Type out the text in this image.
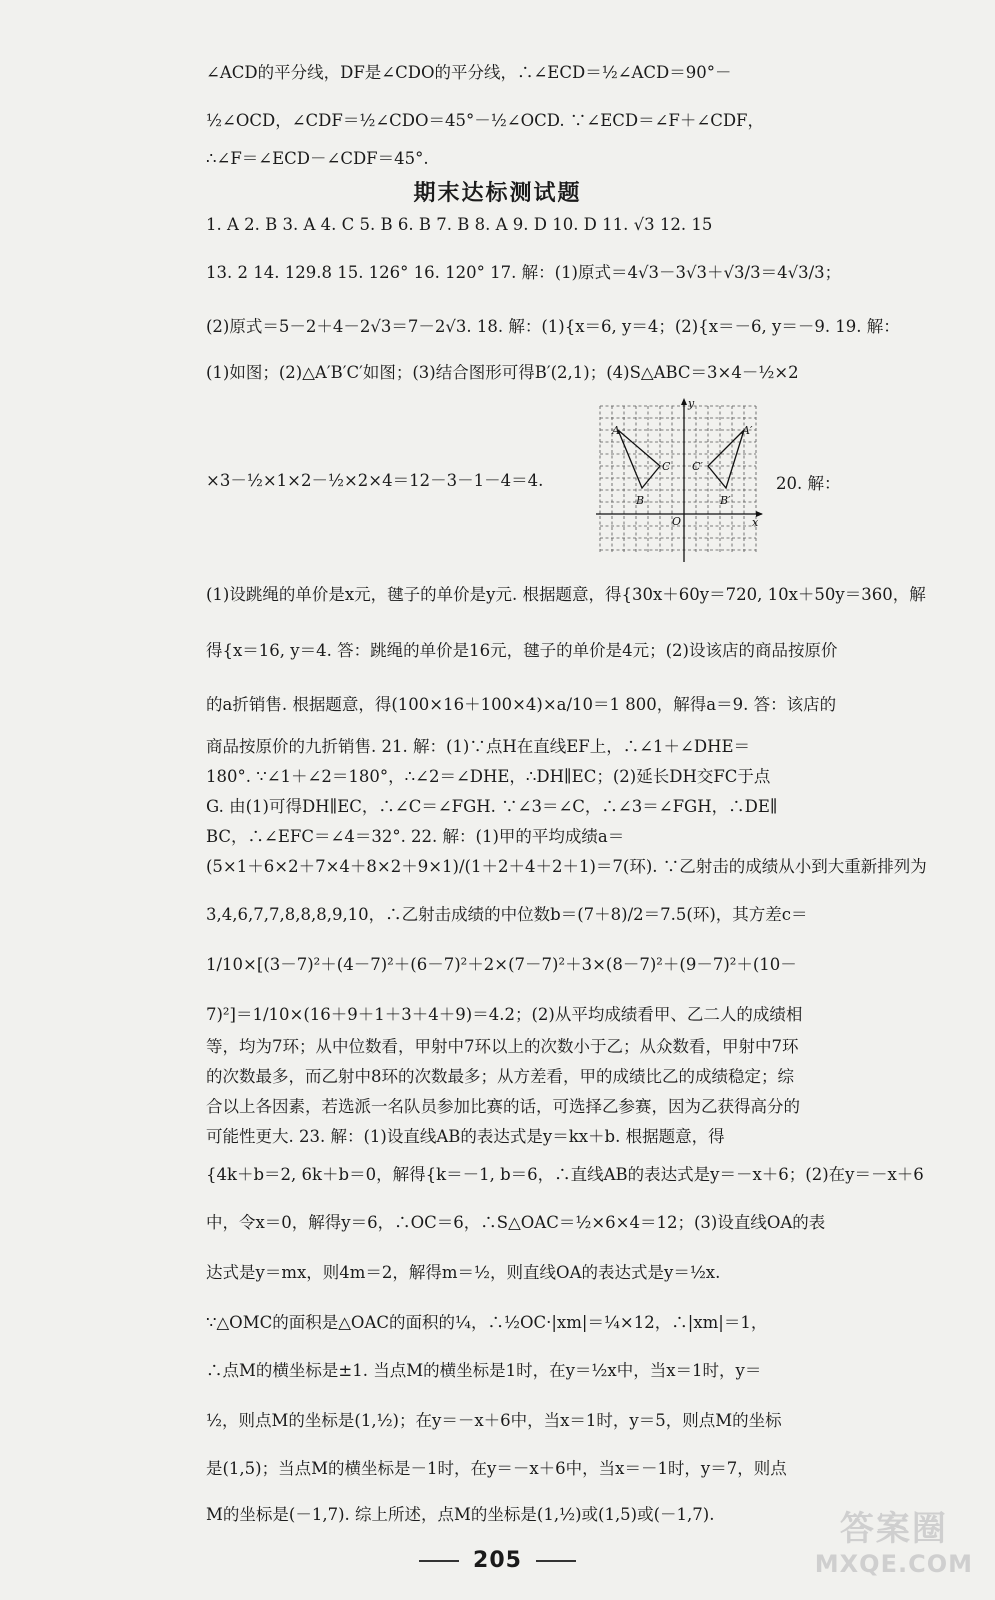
∠ACD的平分线，DF是∠CDO的平分线，∴∠ECD＝½∠ACD＝90°－
½∠OCD，∠CDF＝½∠CDO＝45°－½∠OCD. ∵∠ECD＝∠F＋∠CDF，
∴∠F＝∠ECD－∠CDF＝45°.
期末达标测试题
1. A 2. B 3. A 4. C 5. B 6. B 7. B 8. A 9. D 10. D 11. √3 12. 15
13. 2 14. 129.8 15. 126° 16. 120° 17. 解：(1)原式＝4√3－3√3＋√3/3＝4√3/3；
(2)原式＝5－2＋4－2√3＝7－2√3. 18. 解：(1){x＝6, y＝4；(2){x＝－6, y＝－9. 19. 解：
(1)如图；(2)△A′B′C′如图；(3)结合图形可得B′(2,1)；(4)S△ABC＝3×4－½×2
×3－½×1×2－½×2×4＝12－3－1－4＝4.
y
x
O
A
B
C
A′
B′
C′
20. 解：
(1)设跳绳的单价是x元，毽子的单价是y元. 根据题意，得{30x＋60y＝720, 10x＋50y＝360，解
得{x＝16, y＝4. 答：跳绳的单价是16元，毽子的单价是4元；(2)设该店的商品按原价
的a折销售. 根据题意，得(100×16＋100×4)×a/10＝1 800，解得a＝9. 答：该店的
商品按原价的九折销售. 21. 解：(1)∵点H在直线EF上，∴∠1＋∠DHE＝
180°. ∵∠1＋∠2＝180°，∴∠2＝∠DHE，∴DH∥EC；(2)延长DH交FC于点
G. 由(1)可得DH∥EC，∴∠C＝∠FGH. ∵∠3＝∠C，∴∠3＝∠FGH，∴DE∥
BC，∴∠EFC＝∠4＝32°. 22. 解：(1)甲的平均成绩a＝
(5×1＋6×2＋7×4＋8×2＋9×1)/(1＋2＋4＋2＋1)＝7(环). ∵乙射击的成绩从小到大重新排列为
3,4,6,7,7,8,8,8,9,10，∴乙射击成绩的中位数b＝(7＋8)/2＝7.5(环)，其方差c＝
1/10×[(3－7)²＋(4－7)²＋(6－7)²＋2×(7－7)²＋3×(8－7)²＋(9－7)²＋(10－
7)²]＝1/10×(16＋9＋1＋3＋4＋9)＝4.2；(2)从平均成绩看甲、乙二人的成绩相
等，均为7环；从中位数看，甲射中7环以上的次数小于乙；从众数看，甲射中7环
的次数最多，而乙射中8环的次数最多；从方差看，甲的成绩比乙的成绩稳定；综
合以上各因素，若选派一名队员参加比赛的话，可选择乙参赛，因为乙获得高分的
可能性更大. 23. 解：(1)设直线AB的表达式是y＝kx＋b. 根据题意，得
{4k＋b＝2, 6k＋b＝0，解得{k＝－1, b＝6，∴直线AB的表达式是y＝－x＋6；(2)在y＝－x＋6
中，令x＝0，解得y＝6，∴OC＝6，∴S△OAC＝½×6×4＝12；(3)设直线OA的表
达式是y＝mx，则4m＝2，解得m＝½，则直线OA的表达式是y＝½x.
∵△OMC的面积是△OAC的面积的¼，∴½OC·|xm|＝¼×12，∴|xm|＝1，
∴点M的横坐标是±1. 当点M的横坐标是1时，在y＝½x中，当x＝1时，y＝
½，则点M的坐标是(1,½)；在y＝－x＋6中，当x＝1时，y＝5，则点M的坐标
是(1,5)；当点M的横坐标是－1时，在y＝－x＋6中，当x＝－1时，y＝7，则点
M的坐标是(－1,7). 综上所述，点M的坐标是(1,½)或(1,5)或(－1,7).
205
答案圈
MXQE.COM
